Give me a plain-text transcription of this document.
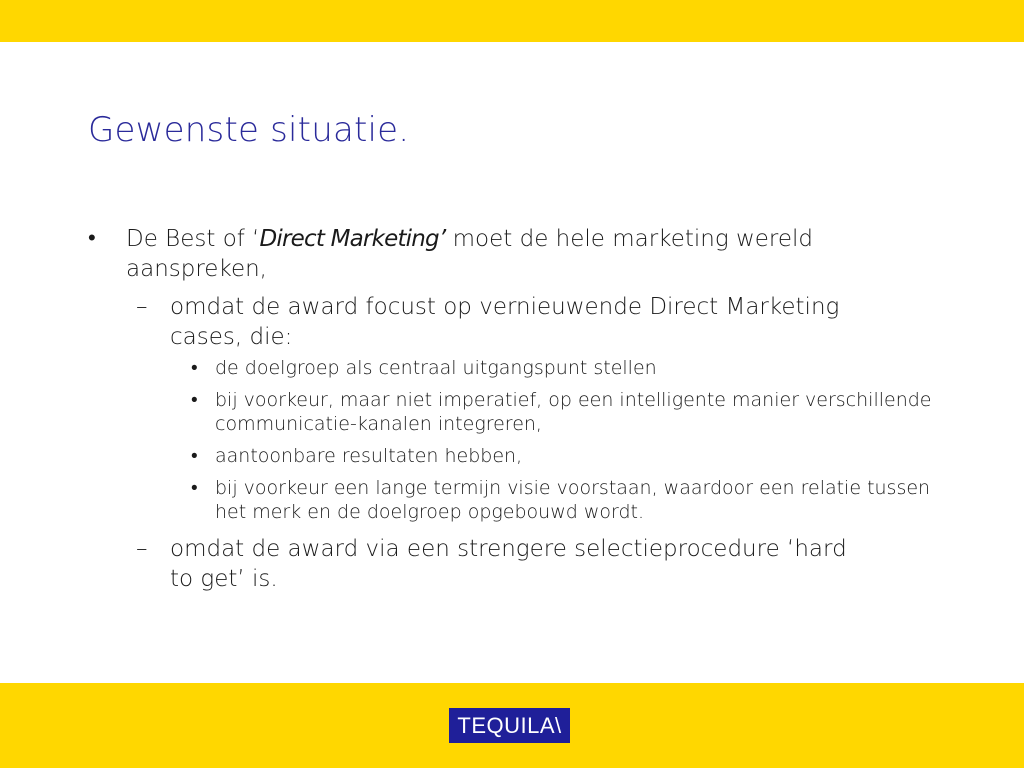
Gewenste situatie.
•	De Best of ‘Direct Marketing’ moet de hele marketing wereld aanspreken,
– omdat de award focust op vernieuwende Direct Marketing cases, die:
• de doelgroep als centraal uitgangspunt stellen
• bij voorkeur, maar niet imperatief, op een intelligente manier verschillende communicatie-kanalen integreren,
• aantoonbare resultaten hebben,
• bij voorkeur een lange termijn visie voorstaan, waardoor een relatie tussen het merk en de doelgroep opgebouwd wordt.
– omdat de award via een strengere selectieprocedure ‘hard to get’ is.
TEQUILA\
